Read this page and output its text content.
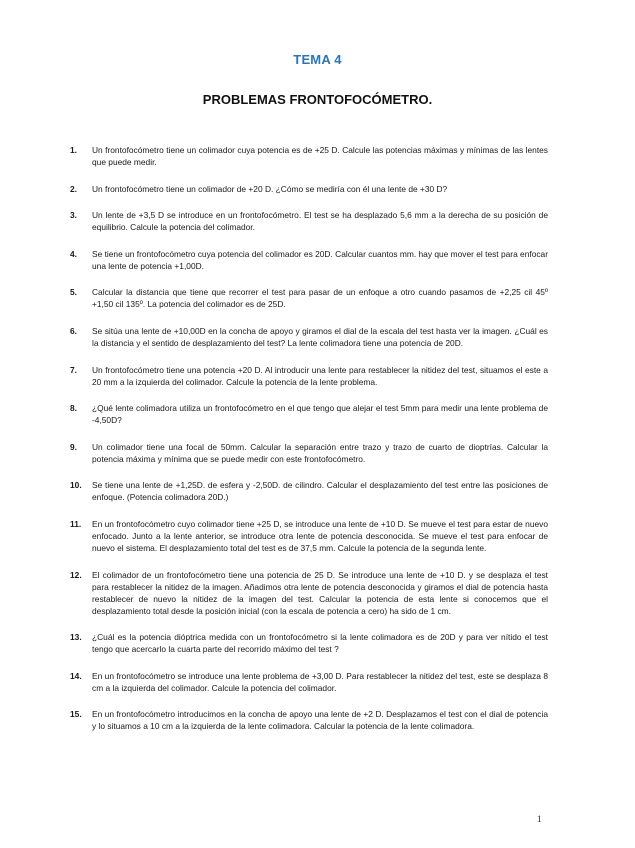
TEMA 4
PROBLEMAS FRONTOFOCÓMETRO.
1.	Un frontofocómetro tiene un colimador cuya potencia es de +25 D. Calcule las potencias máximas y mínimas de las lentes que puede medir.
2.	Un frontofocómetro tiene un colimador de +20 D. ¿Cómo se mediría con él una lente de +30 D?
3.	Un lente de +3,5 D se introduce en un frontofocómetro. El test se ha desplazado 5,6 mm a la derecha de su posición de equilibrio. Calcule la potencia del colimador.
4.	Se tiene un frontofocómetro cuya potencia del colimador es 20D. Calcular cuantos mm. hay que mover el test para enfocar una lente de potencia +1,00D.
5.	Calcular la distancia que tiene que recorrer el test para pasar de un enfoque a otro cuando pasamos de +2,25 cil 45º +1,50 cil 135º. La potencia del colimador es de 25D.
6.	Se sitúa una lente de +10,00D en la concha de apoyo y giramos el dial de la escala del test hasta ver la imagen. ¿Cuál es la distancia y el sentido de desplazamiento del test? La lente colimadora tiene una potencia de 20D.
7.	Un frontofocómetro tiene una potencia +20 D. Al introducir una lente para restablecer la nitidez del test, situamos el este a 20 mm a la izquierda del colimador. Calcule la potencia de la lente problema.
8.	¿Qué lente colimadora utiliza un frontofocómetro en el que tengo que alejar el test 5mm para medir una lente problema de -4,50D?
9.	Un colimador tiene una focal de 50mm. Calcular la separación entre trazo y trazo de cuarto de dioptrías. Calcular la potencia máxima y mínima que se puede medir con este frontofocómetro.
10.	Se tiene una lente de +1,25D. de esfera y -2,50D. de cilindro. Calcular el desplazamiento del test entre las posiciones de enfoque. (Potencia colimadora 20D.)
11.	En un frontofocómetro cuyo colimador tiene +25 D, se introduce una lente de +10 D. Se mueve el test para estar de nuevo enfocado. Junto a la lente anterior, se introduce otra lente de potencia desconocida. Se mueve el test para enfocar de nuevo el sistema. El desplazamiento total del test es de 37,5 mm. Calcule la potencia de la segunda lente.
12.	El colimador de un frontofocómetro tiene una potencia de 25 D. Se introduce una lente de +10 D. y se desplaza el test para restablecer la nitidez de la imagen. Añadimos otra lente de potencia desconocida y giramos el dial de potencia hasta restablecer de nuevo la nitidez de la imagen del test. Calcular la potencia de esta lente si conocemos que el desplazamiento total desde la posición inicial (con la escala de potencia a cero) ha sido de 1 cm.
13.	¿Cuál es la potencia dióptrica medida con un frontofocómetro si la lente colimadora es de 20D y para ver nítido el test tengo que acercarlo la cuarta parte del recorrido máximo del test ?
14.	En un frontofocómetro se introduce una lente problema de +3,00 D. Para restablecer la nitidez del test, este se desplaza 8 cm a la izquierda del colimador. Calcule la potencia del colimador.
15.	En un frontofocómetro introducimos en la concha de apoyo una lente de +2 D. Desplazamos el test con el dial de potencia y lo situamos a 10 cm a la izquierda de la lente colimadora. Calcular la potencia de la lente colimadora.
1
